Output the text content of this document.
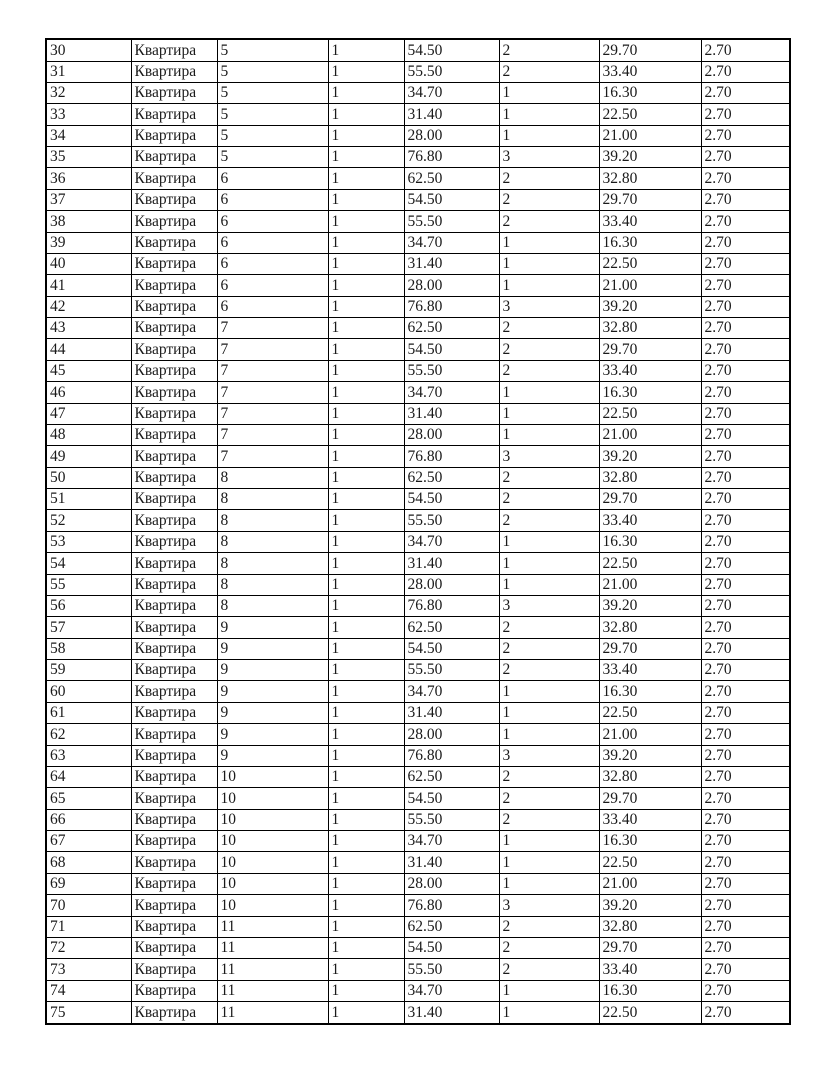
30	Квартира	5	1	54.50	2	29.70	2.70
31	Квартира	5	1	55.50	2	33.40	2.70
32	Квартира	5	1	34.70	1	16.30	2.70
33	Квартира	5	1	31.40	1	22.50	2.70
34	Квартира	5	1	28.00	1	21.00	2.70
35	Квартира	5	1	76.80	3	39.20	2.70
36	Квартира	6	1	62.50	2	32.80	2.70
37	Квартира	6	1	54.50	2	29.70	2.70
38	Квартира	6	1	55.50	2	33.40	2.70
39	Квартира	6	1	34.70	1	16.30	2.70
40	Квартира	6	1	31.40	1	22.50	2.70
41	Квартира	6	1	28.00	1	21.00	2.70
42	Квартира	6	1	76.80	3	39.20	2.70
43	Квартира	7	1	62.50	2	32.80	2.70
44	Квартира	7	1	54.50	2	29.70	2.70
45	Квартира	7	1	55.50	2	33.40	2.70
46	Квартира	7	1	34.70	1	16.30	2.70
47	Квартира	7	1	31.40	1	22.50	2.70
48	Квартира	7	1	28.00	1	21.00	2.70
49	Квартира	7	1	76.80	3	39.20	2.70
50	Квартира	8	1	62.50	2	32.80	2.70
51	Квартира	8	1	54.50	2	29.70	2.70
52	Квартира	8	1	55.50	2	33.40	2.70
53	Квартира	8	1	34.70	1	16.30	2.70
54	Квартира	8	1	31.40	1	22.50	2.70
55	Квартира	8	1	28.00	1	21.00	2.70
56	Квартира	8	1	76.80	3	39.20	2.70
57	Квартира	9	1	62.50	2	32.80	2.70
58	Квартира	9	1	54.50	2	29.70	2.70
59	Квартира	9	1	55.50	2	33.40	2.70
60	Квартира	9	1	34.70	1	16.30	2.70
61	Квартира	9	1	31.40	1	22.50	2.70
62	Квартира	9	1	28.00	1	21.00	2.70
63	Квартира	9	1	76.80	3	39.20	2.70
64	Квартира	10	1	62.50	2	32.80	2.70
65	Квартира	10	1	54.50	2	29.70	2.70
66	Квартира	10	1	55.50	2	33.40	2.70
67	Квартира	10	1	34.70	1	16.30	2.70
68	Квартира	10	1	31.40	1	22.50	2.70
69	Квартира	10	1	28.00	1	21.00	2.70
70	Квартира	10	1	76.80	3	39.20	2.70
71	Квартира	11	1	62.50	2	32.80	2.70
72	Квартира	11	1	54.50	2	29.70	2.70
73	Квартира	11	1	55.50	2	33.40	2.70
74	Квартира	11	1	34.70	1	16.30	2.70
75	Квартира	11	1	31.40	1	22.50	2.70
